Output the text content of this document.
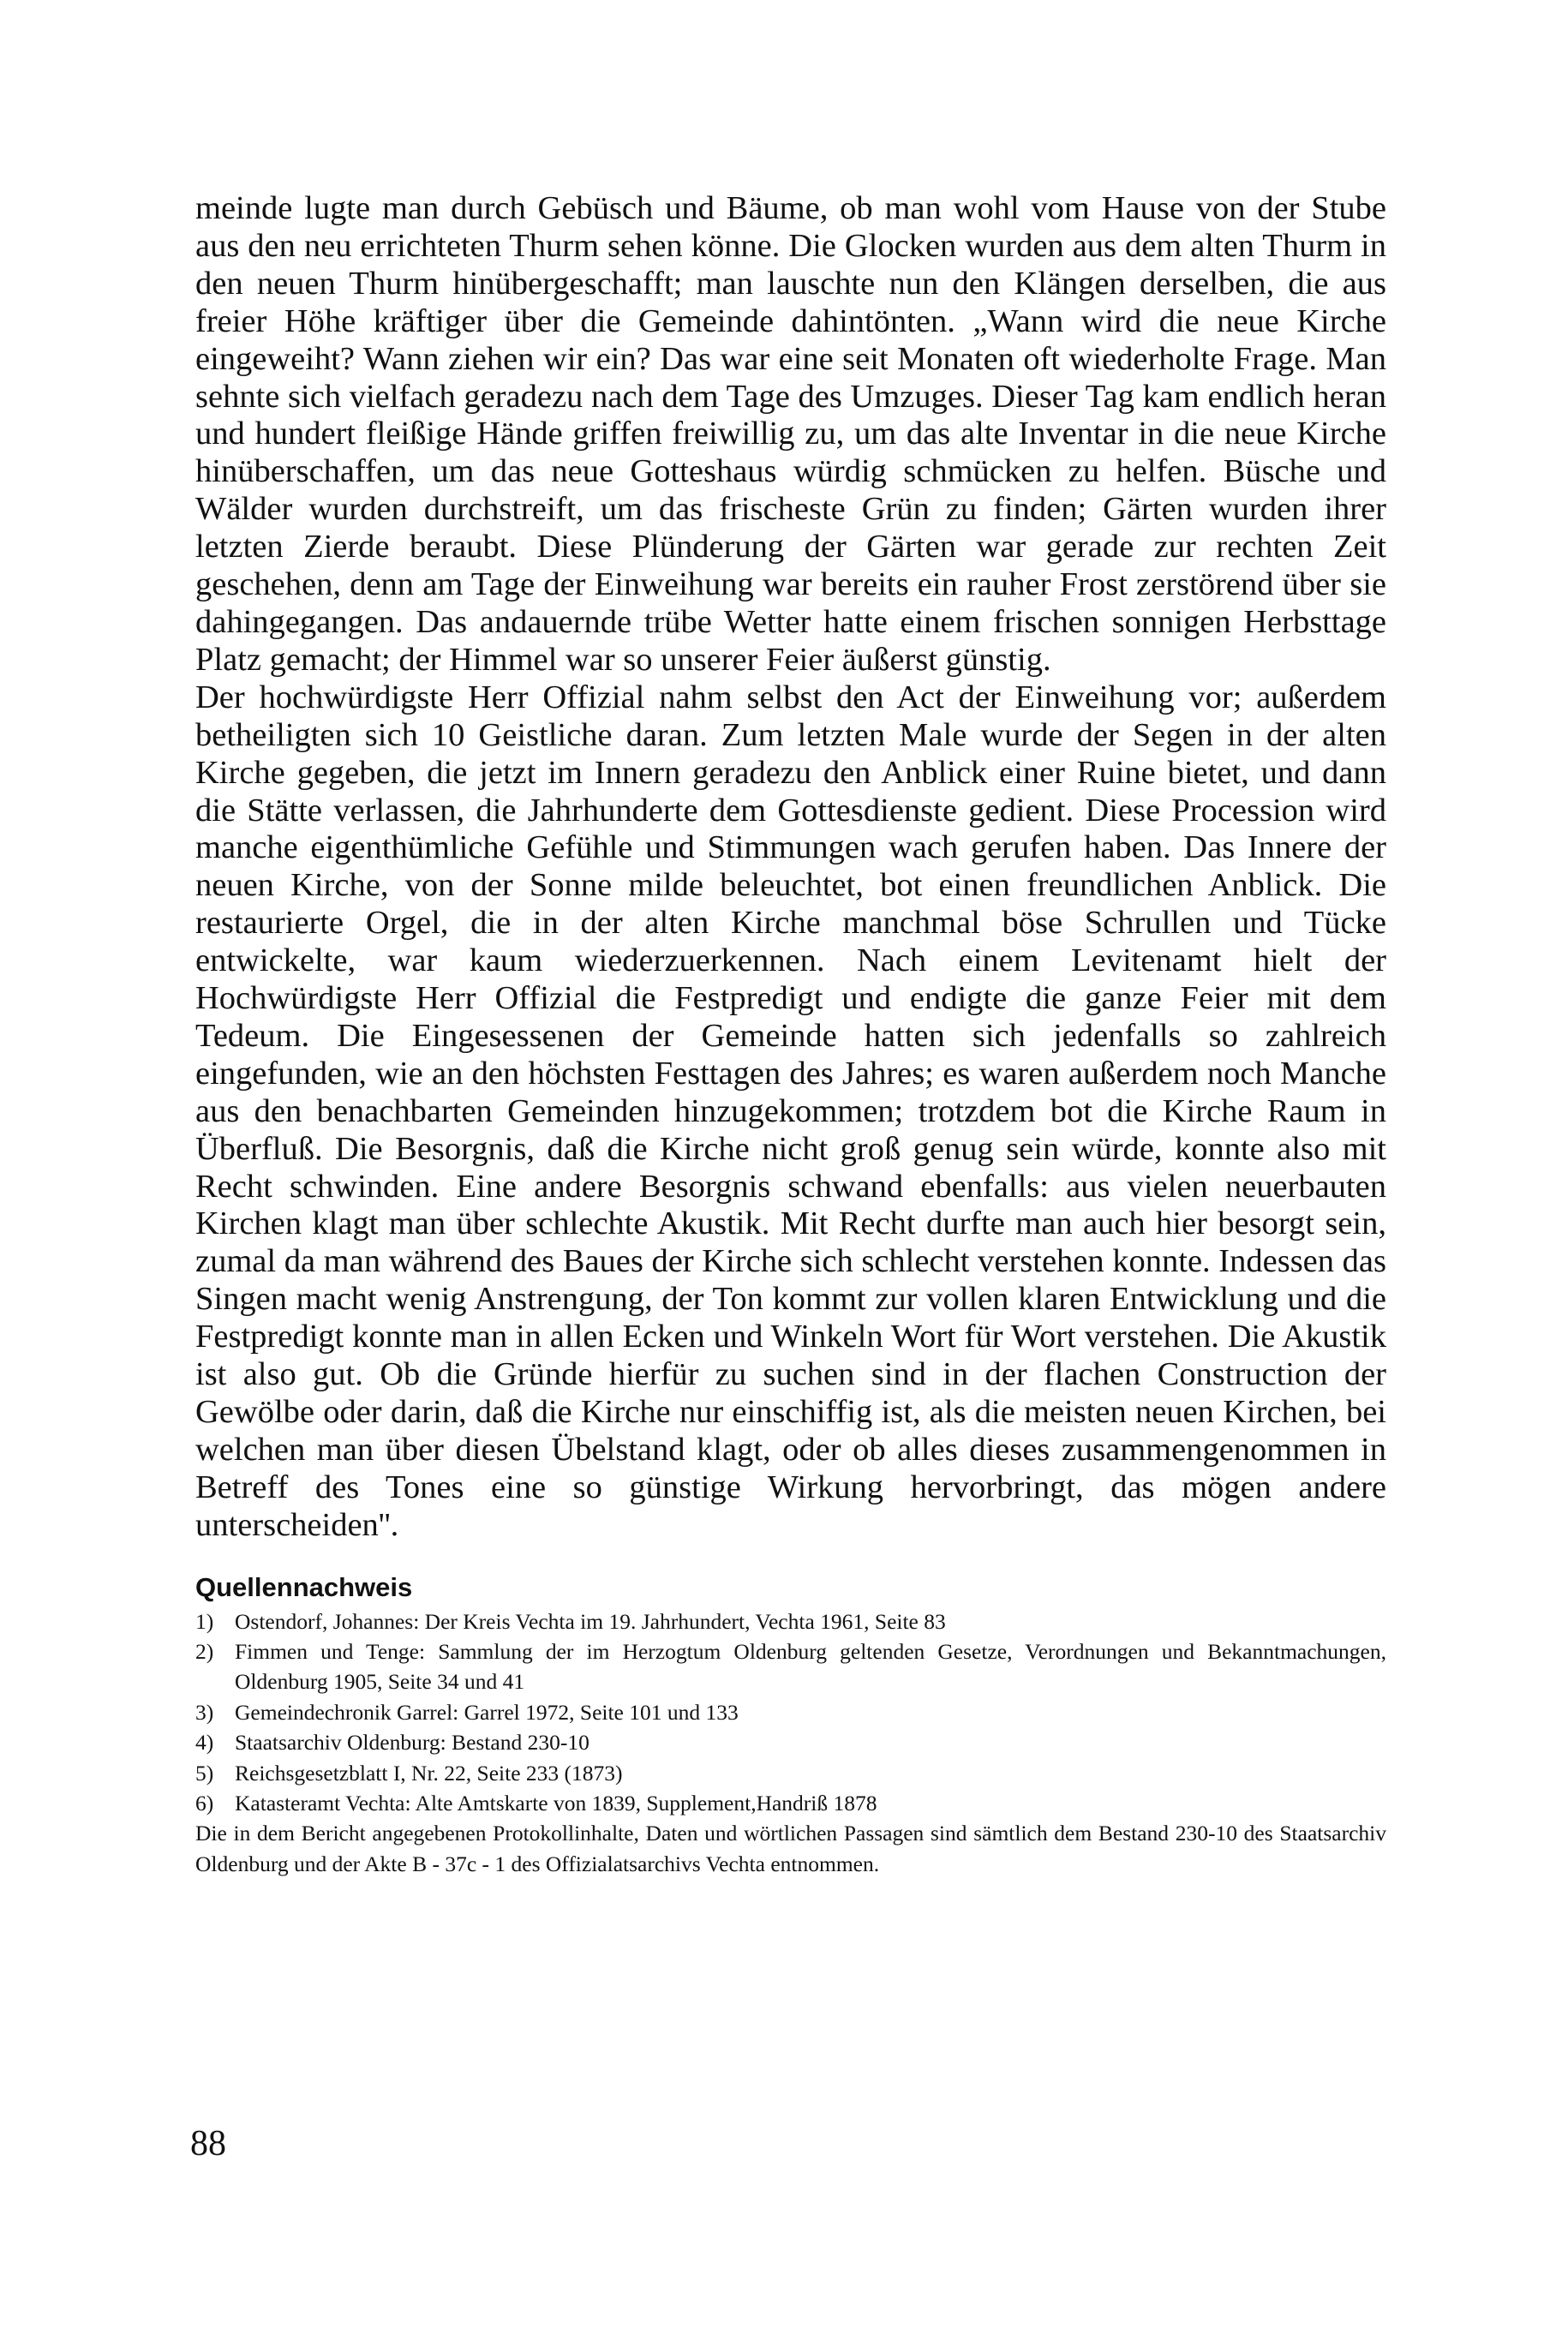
meinde lugte man durch Gebüsch und Bäume, ob man wohl vom Hause von der Stube aus den neu errichteten Thurm sehen könne. Die Glocken wurden aus dem alten Thurm in den neuen Thurm hinübergeschafft; man lauschte nun den Klängen derselben, die aus freier Höhe kräftiger über die Gemeinde dahintönten. „Wann wird die neue Kirche eingeweiht? Wann ziehen wir ein? Das war eine seit Monaten oft wiederholte Frage. Man sehnte sich vielfach geradezu nach dem Tage des Umzuges. Dieser Tag kam endlich heran und hundert fleißige Hände griffen freiwillig zu, um das alte Inventar in die neue Kirche hinüberschaffen, um das neue Gotteshaus würdig schmücken zu helfen. Büsche und Wälder wurden durchstreift, um das frischeste Grün zu finden; Gärten wurden ihrer letzten Zierde beraubt. Diese Plünderung der Gärten war gerade zur rechten Zeit geschehen, denn am Tage der Einweihung war bereits ein rauher Frost zerstörend über sie dahingegangen. Das andauernde trübe Wetter hatte einem frischen sonnigen Herbsttage Platz gemacht; der Himmel war so unserer Feier äußerst günstig.

Der hochwürdigste Herr Offizial nahm selbst den Act der Einweihung vor; außerdem betheiligten sich 10 Geistliche daran. Zum letzten Male wurde der Segen in der alten Kirche gegeben, die jetzt im Innern geradezu den Anblick einer Ruine bietet, und dann die Stätte verlassen, die Jahrhunderte dem Gottesdienste gedient. Diese Procession wird manche eigenthümliche Gefühle und Stimmungen wach gerufen haben. Das Innere der neuen Kirche, von der Sonne milde beleuchtet, bot einen freundlichen Anblick. Die restaurierte Orgel, die in der alten Kirche manchmal böse Schrullen und Tücke entwickelte, war kaum wiederzuerkennen. Nach einem Levitenamt hielt der Hochwürdigste Herr Offizial die Festpredigt und endigte die ganze Feier mit dem Tedeum. Die Eingesessenen der Gemeinde hatten sich jedenfalls so zahlreich eingefunden, wie an den höchsten Festtagen des Jahres; es waren außerdem noch Manche aus den benachbarten Gemeinden hinzugekommen; trotzdem bot die Kirche Raum in Überfluß. Die Besorgnis, daß die Kirche nicht groß genug sein würde, konnte also mit Recht schwinden. Eine andere Besorgnis schwand ebenfalls: aus vielen neuerbauten Kirchen klagt man über schlechte Akustik. Mit Recht durfte man auch hier besorgt sein, zumal da man während des Baues der Kirche sich schlecht verstehen konnte. Indessen das Singen macht wenig Anstrengung, der Ton kommt zur vollen klaren Entwicklung und die Festpredigt konnte man in allen Ecken und Winkeln Wort für Wort verstehen. Die Akustik ist also gut. Ob die Gründe hierfür zu suchen sind in der flachen Construction der Gewölbe oder darin, daß die Kirche nur einschiffig ist, als die meisten neuen Kirchen, bei welchen man über diesen Übelstand klagt, oder ob alles dieses zusammengenommen in Betreff des Tones eine so günstige Wirkung hervorbringt, das mögen andere unterscheiden''.

Quellennachweis
1) Ostendorf, Johannes: Der Kreis Vechta im 19. Jahrhundert, Vechta 1961, Seite 83
2) Fimmen und Tenge: Sammlung der im Herzogtum Oldenburg geltenden Gesetze, Verordnungen und Bekanntmachungen, Oldenburg 1905, Seite 34 und 41
3) Gemeindechronik Garrel: Garrel 1972, Seite 101 und 133
4) Staatsarchiv Oldenburg: Bestand 230-10
5) Reichsgesetzblatt I, Nr. 22, Seite 233 (1873)
6) Katasteramt Vechta: Alte Amtskarte von 1839, Supplement,Handriß 1878

Die in dem Bericht angegebenen Protokollinhalte, Daten und wörtlichen Passagen sind sämtlich dem Bestand 230-10 des Staatsarchiv Oldenburg und der Akte B - 37c - 1 des Offizialatsarchivs Vechta entnommen.

88
